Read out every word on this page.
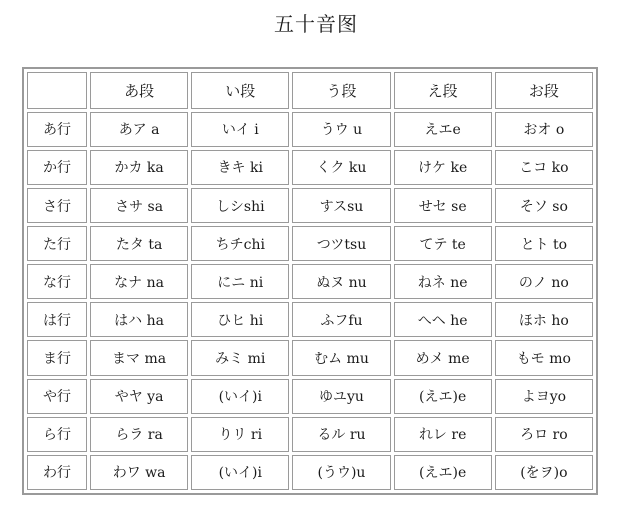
五十音图
	あ段	い段	う段	え段	お段
あ行	あア a	いイ i	うウ u	えエe	おオ o
か行	かカ ka	きキ ki	くク ku	けケ ke	こコ ko
さ行	さサ sa	しシshi	すスsu	せセ se	そソ so
た行	たタ ta	ちチchi	つツtsu	てテ te	とト to
な行	なナ na	にニ ni	ぬヌ nu	ねネ ne	のノ no
は行	はハ ha	ひヒ hi	ふフfu	へヘ he	ほホ ho
ま行	まマ ma	みミ mi	むム mu	めメ me	もモ mo
や行	やヤ ya	(いイ)i	ゆユyu	(えエ)e	よヨyo
ら行	らラ ra	りリ ri	るル ru	れレ re	ろロ ro
わ行	わワ wa	(いイ)i	(うウ)u	(えエ)e	(をヲ)o
